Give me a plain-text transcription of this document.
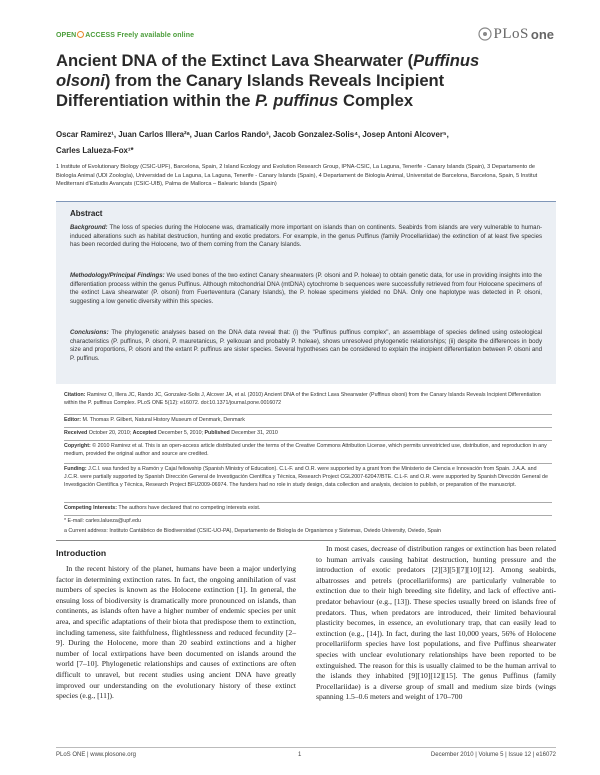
OPEN ACCESS Freely available online	PLoS one
Ancient DNA of the Extinct Lava Shearwater (Puffinus
olsoni) from the Canary Islands Reveals Incipient
Differentiation within the P. puffinus Complex
Oscar Ramirez¹, Juan Carlos Illera²ᵃ, Juan Carlos Rando³, Jacob Gonzalez-Solis⁴, Josep Antoni Alcover⁵,
Carles Lalueza-Fox¹*
1 Institute of Evolutionary Biology (CSIC-UPF), Barcelona, Spain, 2 Island Ecology and Evolution Research Group, IPNA-CSIC, La Laguna, Tenerife - Canary Islands (Spain), 3 Departamento de Biología Animal (UDI Zoología), Universidad de La Laguna, La Laguna, Tenerife - Canary Islands (Spain), 4 Departament de Biologia Animal, Universitat de Barcelona, Barcelona, Spain, 5 Institut Mediterrani d'Estudis Avançats (CSIC-UIB), Palma de Mallorca – Balearic Islands (Spain)
Abstract
Background: The loss of species during the Holocene was, dramatically more important on islands than on continents. Seabirds from islands are very vulnerable to human-induced alterations such as habitat destruction, hunting and exotic predators. For example, in the genus Puffinus (family Procellariidae) the extinction of at least five species has been recorded during the Holocene, two of them coming from the Canary Islands.
Methodology/Principal Findings: We used bones of the two extinct Canary shearwaters (P. olsoni and P. holeae) to obtain genetic data, for use in providing insights into the differentiation process within the genus Puffinus. Although mitochondrial DNA (mtDNA) cytochrome b sequences were successfully retrieved from four Holocene specimens of the extinct Lava shearwater (P. olsoni) from Fuerteventura (Canary Islands), the P. holeae specimens yielded no DNA. Only one haplotype was detected in P. olsoni, suggesting a low genetic diversity within this species.
Conclusions: The phylogenetic analyses based on the DNA data reveal that: (i) the "Puffinus puffinus complex", an assemblage of species defined using osteological characteristics (P. puffinus, P. olsoni, P. mauretanicus, P. yelkouan and probably P. holeae), shows unresolved phylogenetic relationships; (ii) despite the differences in body size and proportions, P. olsoni and the extant P. puffinus are sister species. Several hypotheses can be considered to explain the incipient differentiation between P. olsoni and P. puffinus.
Citation: Ramirez O, Illera JC, Rando JC, Gonzalez-Solis J, Alcover JA, et al. (2010) Ancient DNA of the Extinct Lava Shearwater (Puffinus olsoni) from the Canary Islands Reveals Incipient Differentiation within the P. puffinus Complex. PLoS ONE 5(12): e16072. doi:10.1371/journal.pone.0016072
Editor: M. Thomas P. Gilbert, Natural History Museum of Denmark, Denmark
Received October 20, 2010; Accepted December 5, 2010; Published December 31, 2010
Copyright: © 2010 Ramirez et al. This is an open-access article distributed under the terms of the Creative Commons Attribution License, which permits unrestricted use, distribution, and reproduction in any medium, provided the original author and source are credited.
Funding: J.C.I. was funded by a Ramón y Cajal fellowship (Spanish Ministry of Education). C.L-F. and O.R. were supported by a grant from the Ministerio de Ciencia e Innovación from Spain. J.A.A. and J.C.R. were partially supported by Spanish Dirección General de Investigación Científica y Técnica, Research Project CGL2007-62047/BTE. C.L-F. and O.R. were supported by Spanish Dirección General de Investigación Científica y Técnica, Research Project BFU2009-06974. The funders had no role in study design, data collection and analysis, decision to publish, or preparation of the manuscript.
Competing Interests: The authors have declared that no competing interests exist.
* E-mail: carles.lalueza@upf.edu
a Current address: Instituto Cantábrico de Biodiversidad (CSIC-UO-PA), Departamento de Biología de Organismos y Sistemas, Oviedo University, Oviedo, Spain
Introduction
In the recent history of the planet, humans have been a major underlying factor in determining extinction rates. In fact, the ongoing annihilation of vast numbers of species is known as the Holocene extinction [1]. In general, the ensuing loss of biodiversity is dramatically more pronounced on islands, than continents, as islands often have a higher number of endemic species per unit area, and specific adaptations of their biota that predispose them to extinction, including tameness, site faithfulness, flightlessness and reduced fecundity [2–9]. During the Holocene, more than 20 seabird extinctions and a higher number of local extirpations have been documented on islands around the world [7–10]. Phylogenetic relationships and causes of extinctions are often difficult to unravel, but recent studies using ancient DNA have greatly improved our understanding on the evolutionary history of these extinct species (e.g., [11]).
In most cases, decrease of distribution ranges or extinction has been related to human arrivals causing habitat destruction, hunting pressure and the introduction of exotic predators [2][3][5][7][10][12]. Among seabirds, albatrosses and petrels (procellariiforms) are particularly vulnerable to extinction due to their high breeding site fidelity, and lack of effective anti-predator behaviour (e.g., [13]). These species usually breed on islands free of predators. Thus, when predators are introduced, their limited behavioural plasticity becomes, in essence, an evolutionary trap, that can easily lead to extinction (e.g., [14]). In fact, during the last 10,000 years, 56% of Holocene procellariiform species have lost populations, and five Puffinus shearwater species with unclear evolutionary relationships have been reported to be extinguished. The reason for this is usually claimed to be the human arrival to the islands they inhabited [9][10][12][15]. The genus Puffinus (family Procellariidae) is a diverse group of small and medium size birds (wings spanning 1.5–0.6 meters and weight of 170–700
PLoS ONE | www.plosone.org	1	December 2010 | Volume 5 | Issue 12 | e16072
